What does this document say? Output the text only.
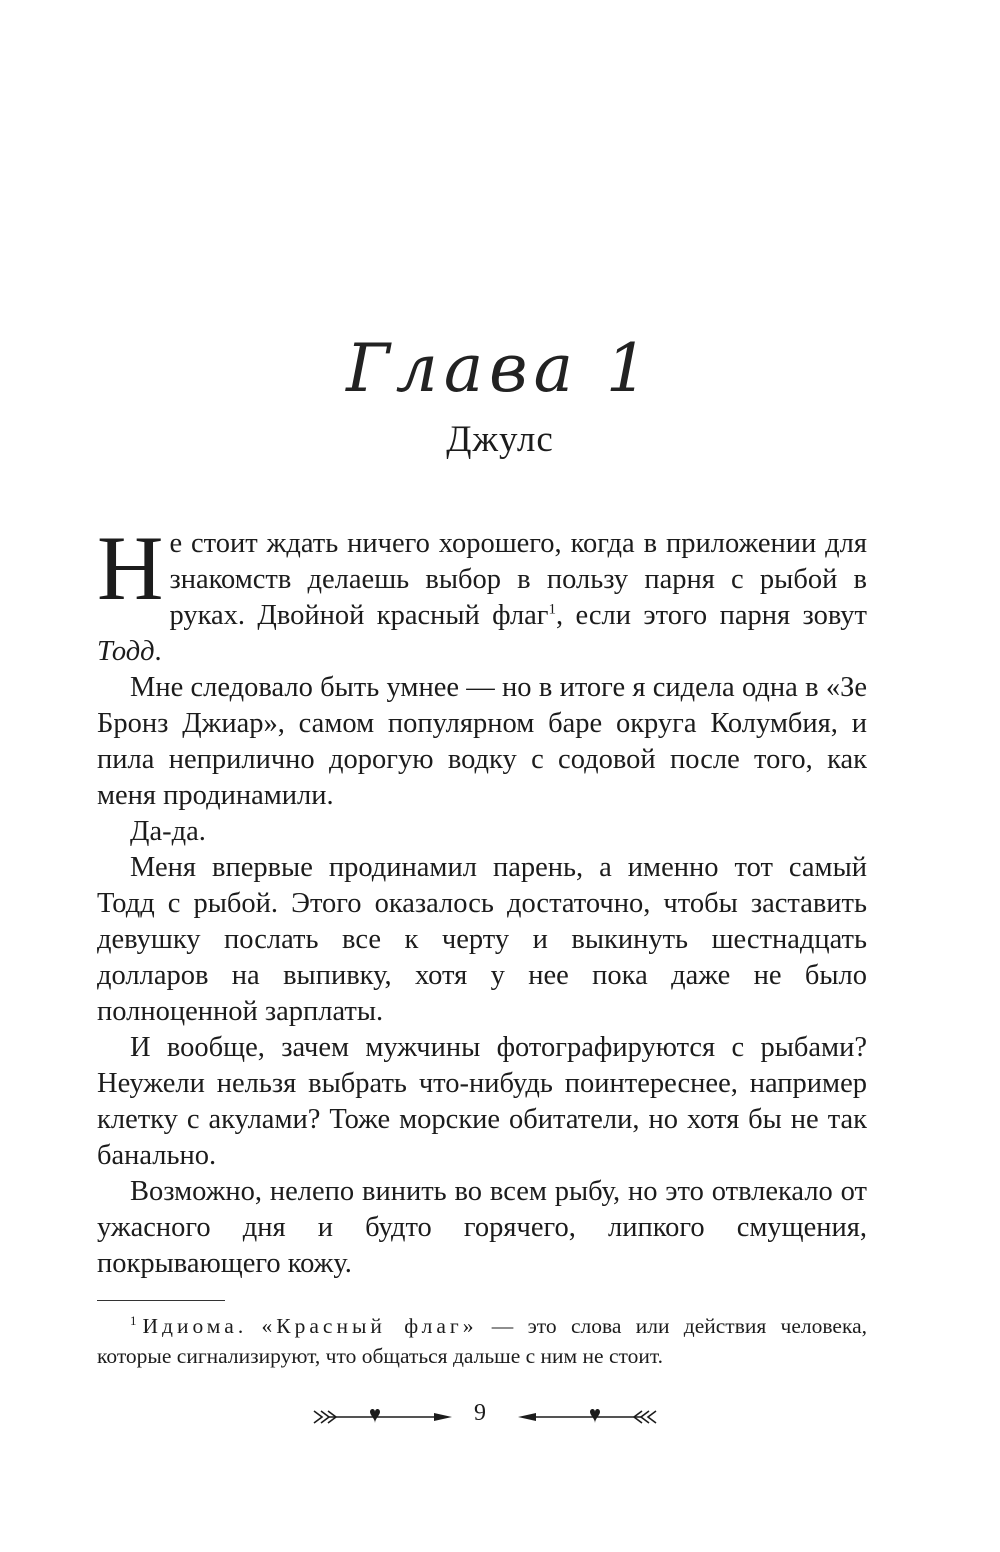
Глава 1
Джулс

Не стоит ждать ничего хорошего, когда в приложении для знакомств делаешь выбор в пользу парня с рыбой в руках. Двойной красный флаг$^1$, если этого парня зовут Тодд.

Мне следовало быть умнее — но в итоге я сидела одна в «Зе Бронз Джиар», самом популярном баре округа Колумбия, и пила неприлично дорогую водку с содовой после того, как меня продинамили.

Да-да.

Меня впервые продинамил парень, а именно тот самый Тодд с рыбой. Этого оказалось достаточно, чтобы заставить девушку послать все к черту и выкинуть шестнадцать долларов на выпивку, хотя у нее пока даже не было полноценной зарплаты.

И вообще, зачем мужчины фотографируются с рыбами? Неужели нельзя выбрать что-нибудь поинтереснее, например клетку с акулами? Тоже морские обитатели, но хотя бы не так банально.

Возможно, нелепо винить во всем рыбу, но это отвлекало от ужасного дня и будто горячего, липкого смущения, покрывающего кожу.

$^1$ Идиома. «Красный флаг» — это слова или действия человека, которые сигнализируют, что общаться дальше с ним не стоит.
9
